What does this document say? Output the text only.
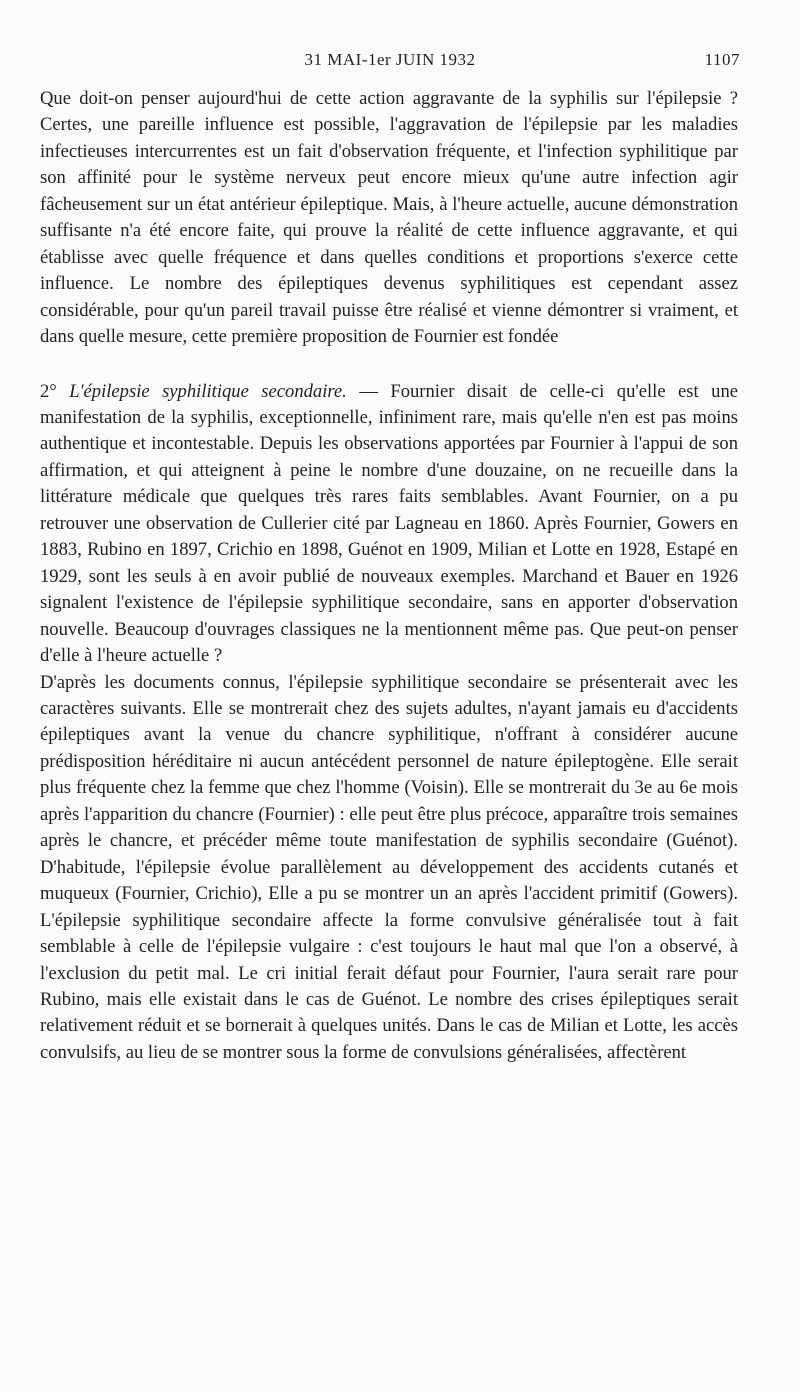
31 MAI-1er JUIN 1932	1107

Que doit-on penser aujourd'hui de cette action aggravante de la syphilis sur l'épilepsie ? Certes, une pareille influence est possible, l'aggravation de l'épilepsie par les maladies infectieuses intercurrentes est un fait d'observation fréquente, et l'infection syphilitique par son affinité pour le système nerveux peut encore mieux qu'une autre infection agir fâcheusement sur un état antérieur épileptique. Mais, à l'heure actuelle, aucune démonstration suffisante n'a été encore faite, qui prouve la réalité de cette influence aggravante, et qui établisse avec quelle fréquence et dans quelles conditions et proportions s'exerce cette influence. Le nombre des épileptiques devenus syphilitiques est cependant assez considérable, pour qu'un pareil travail puisse être réalisé et vienne démontrer si vraiment, et dans quelle mesure, cette première proposition de Fournier est fondée

2° L'épilepsie syphilitique secondaire. — Fournier disait de celle-ci qu'elle est une manifestation de la syphilis, exceptionnelle, infiniment rare, mais qu'elle n'en est pas moins authentique et incontestable. Depuis les observations apportées par Fournier à l'appui de son affirmation, et qui atteignent à peine le nombre d'une douzaine, on ne recueille dans la littérature médicale que quelques très rares faits semblables. Avant Fournier, on a pu retrouver une observation de Cullerier cité par Lagneau en 1860. Après Fournier, Gowers en 1883, Rubino en 1897, Crichio en 1898, Guénot en 1909, Milian et Lotte en 1928, Estapé en 1929, sont les seuls à en avoir publié de nouveaux exemples. Marchand et Bauer en 1926 signalent l'existence de l'épilepsie syphilitique secondaire, sans en apporter d'observation nouvelle. Beaucoup d'ouvrages classiques ne la mentionnent même pas. Que peut-on penser d'elle à l'heure actuelle ?

D'après les documents connus, l'épilepsie syphilitique secondaire se présenterait avec les caractères suivants. Elle se montrerait chez des sujets adultes, n'ayant jamais eu d'accidents épileptiques avant la venue du chancre syphilitique, n'offrant à considérer aucune prédisposition héréditaire ni aucun antécédent personnel de nature épileptogène. Elle serait plus fréquente chez la femme que chez l'homme (Voisin). Elle se montrerait du 3e au 6e mois après l'apparition du chancre (Fournier) : elle peut être plus précoce, apparaître trois semaines après le chancre, et précéder même toute manifestation de syphilis secondaire (Guénot). D'habitude, l'épilepsie évolue parallèlement au développement des accidents cutanés et muqueux (Fournier, Crichio), Elle a pu se montrer un an après l'accident primitif (Gowers). L'épilepsie syphilitique secondaire affecte la forme convulsive généralisée tout à fait semblable à celle de l'épilepsie vulgaire : c'est toujours le haut mal que l'on a observé, à l'exclusion du petit mal. Le cri initial ferait défaut pour Fournier, l'aura serait rare pour Rubino, mais elle existait dans le cas de Guénot. Le nombre des crises épileptiques serait relativement réduit et se bornerait à quelques unités. Dans le cas de Milian et Lotte, les accès convulsifs, au lieu de se montrer sous la forme de convulsions généralisées, affectèrent
